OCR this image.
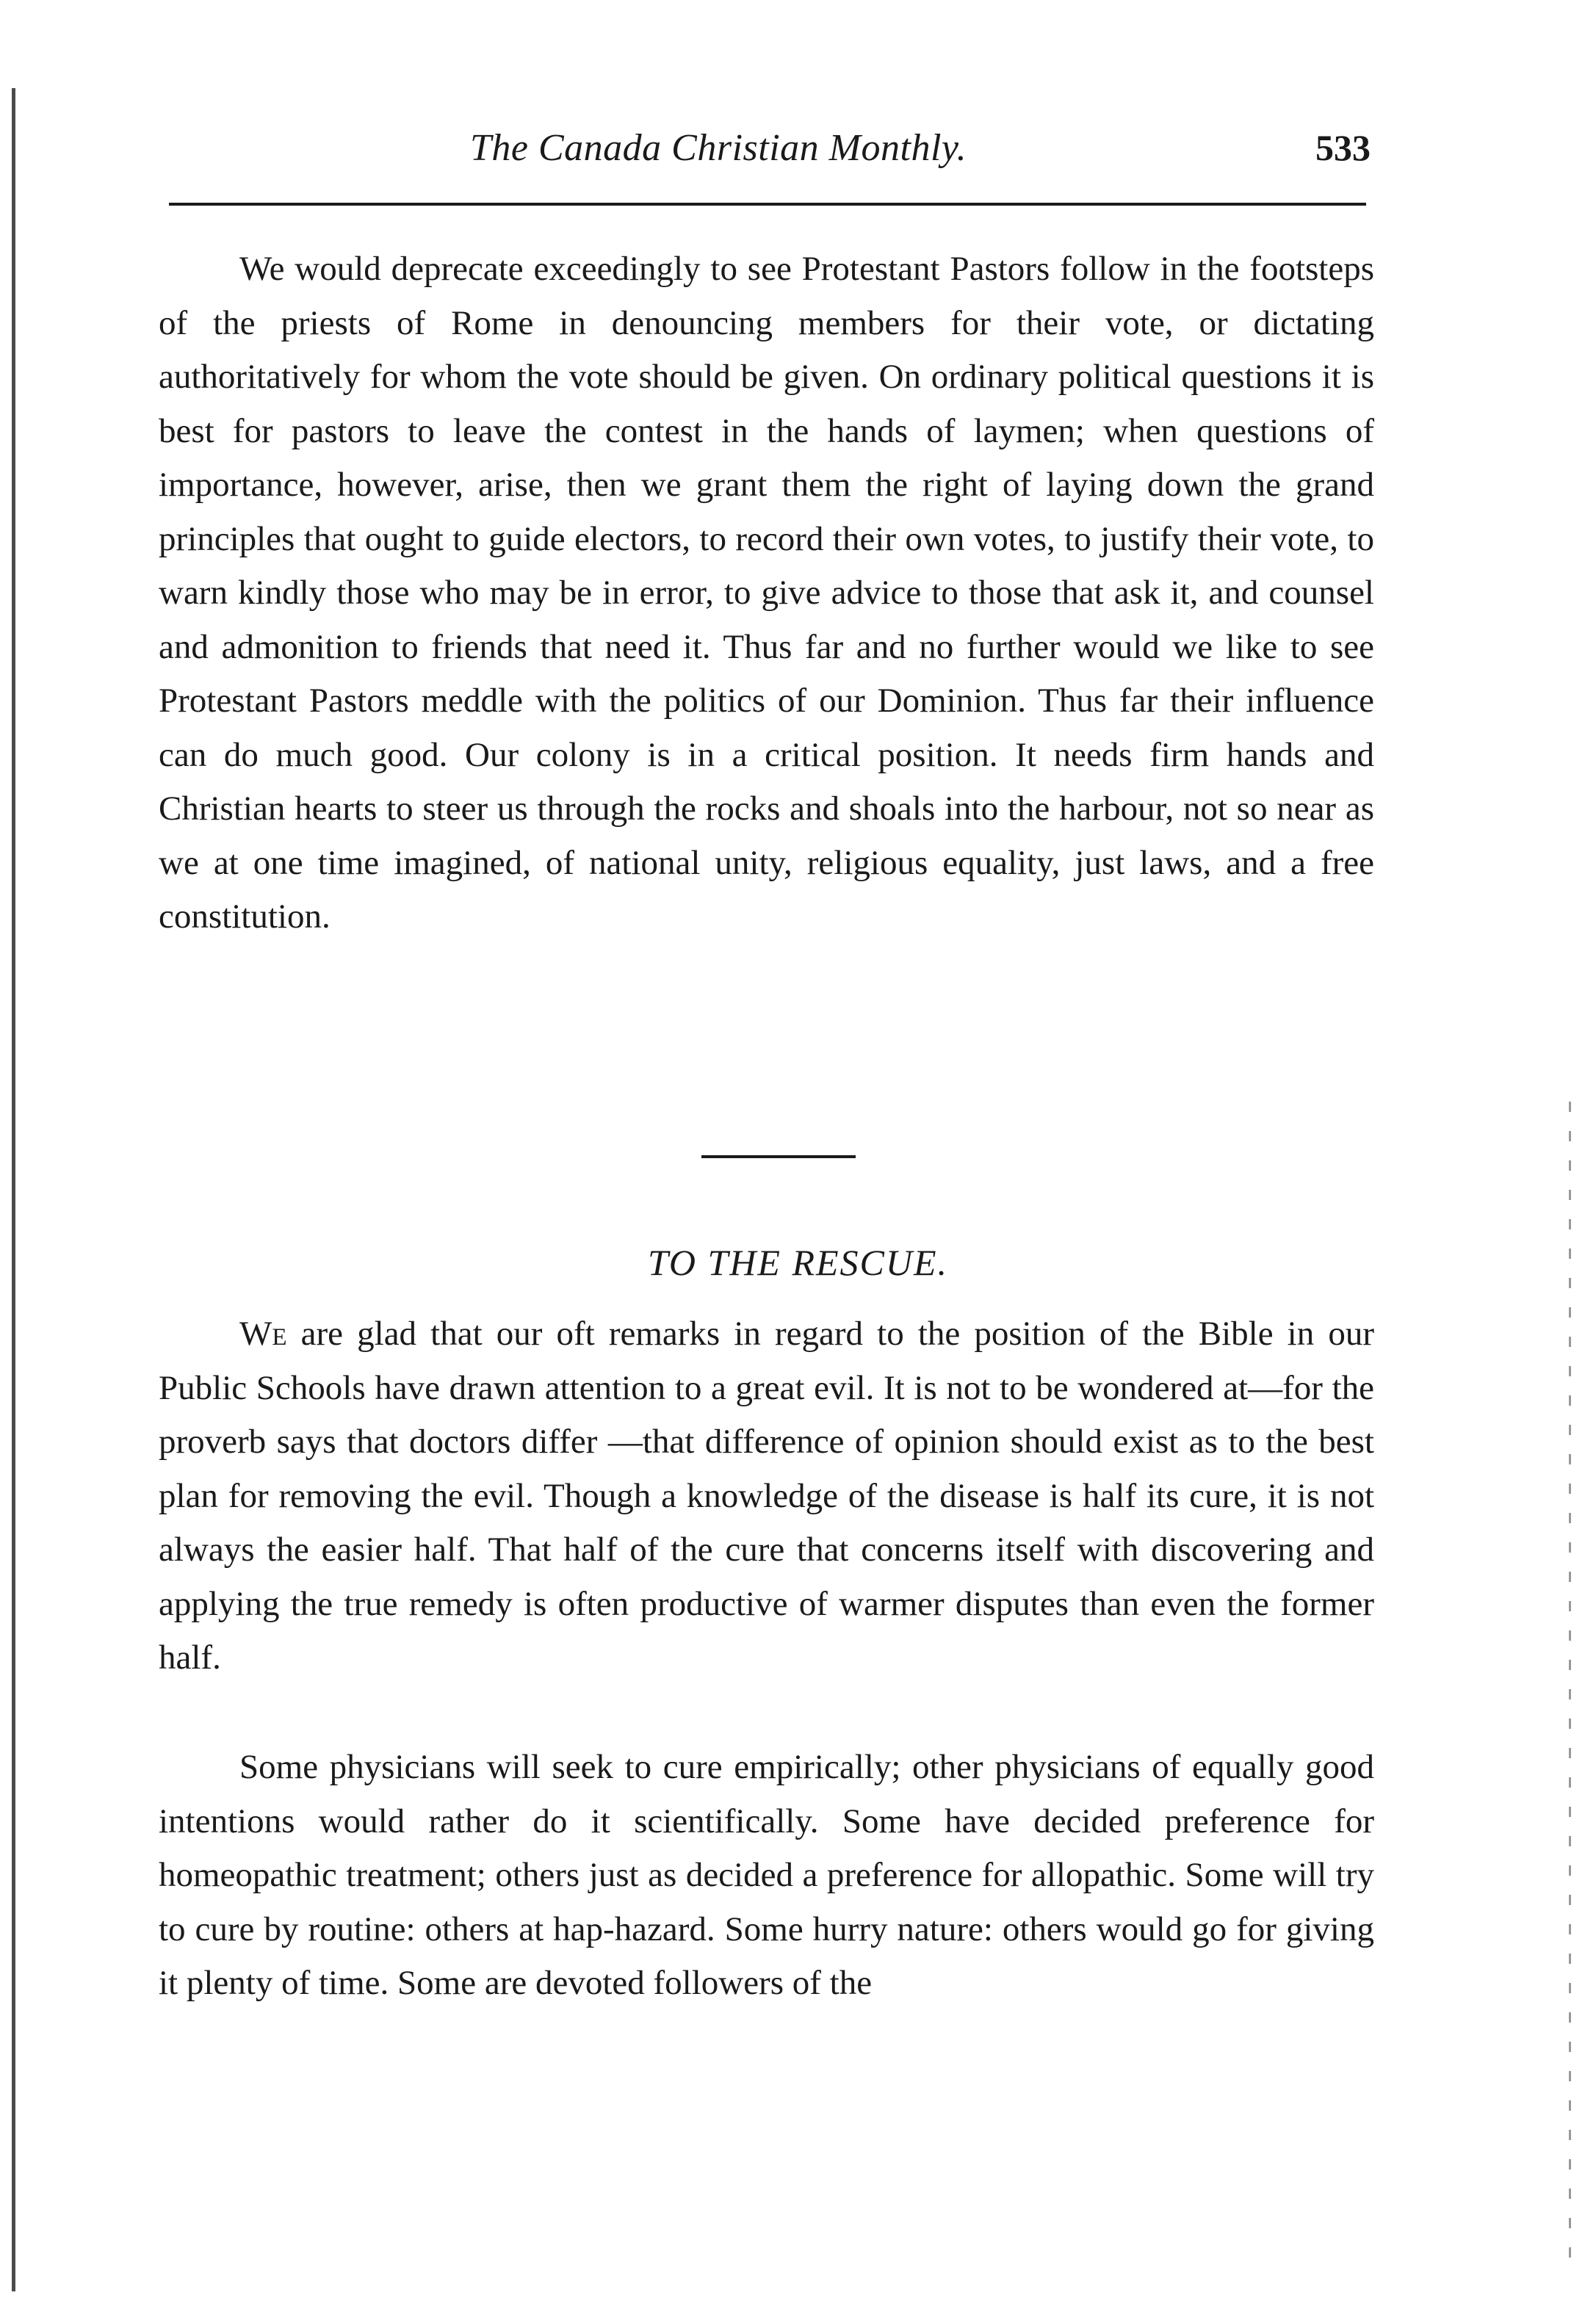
The Canada Christian Monthly.	533

We would deprecate exceedingly to see Protestant Pastors follow in the footsteps of the priests of Rome in denouncing members for their vote, or dictating authoritatively for whom the vote should be given. On ordinary political questions it is best for pastors to leave the contest in the hands of laymen; when questions of importance, however, arise, then we grant them the right of laying down the grand principles that ought to guide electors, to record their own votes, to justify their vote, to warn kindly those who may be in error, to give advice to those that ask it, and counsel and admonition to friends that need it. Thus far and no further would we like to see Protestant Pastors meddle with the politics of our Dominion. Thus far their influence can do much good. Our colony is in a critical position. It needs firm hands and Christian hearts to steer us through the rocks and shoals into the harbour, not so near as we at one time imagined, of national unity, religious equality, just laws, and a free constitution.

TO THE RESCUE.

We are glad that our oft remarks in regard to the position of the Bible in our Public Schools have drawn attention to a great evil. It is not to be wondered at—for the proverb says that doctors differ —that difference of opinion should exist as to the best plan for removing the evil. Though a knowledge of the disease is half its cure, it is not always the easier half. That half of the cure that concerns itself with discovering and applying the true remedy is often productive of warmer disputes than even the former half.

Some physicians will seek to cure empirically; other physicians of equally good intentions would rather do it scientifically. Some have decided preference for homeopathic treatment; others just as decided a preference for allopathic. Some will try to cure by routine: others at hap-hazard. Some hurry nature: others would go for giving it plenty of time. Some are devoted followers of the
